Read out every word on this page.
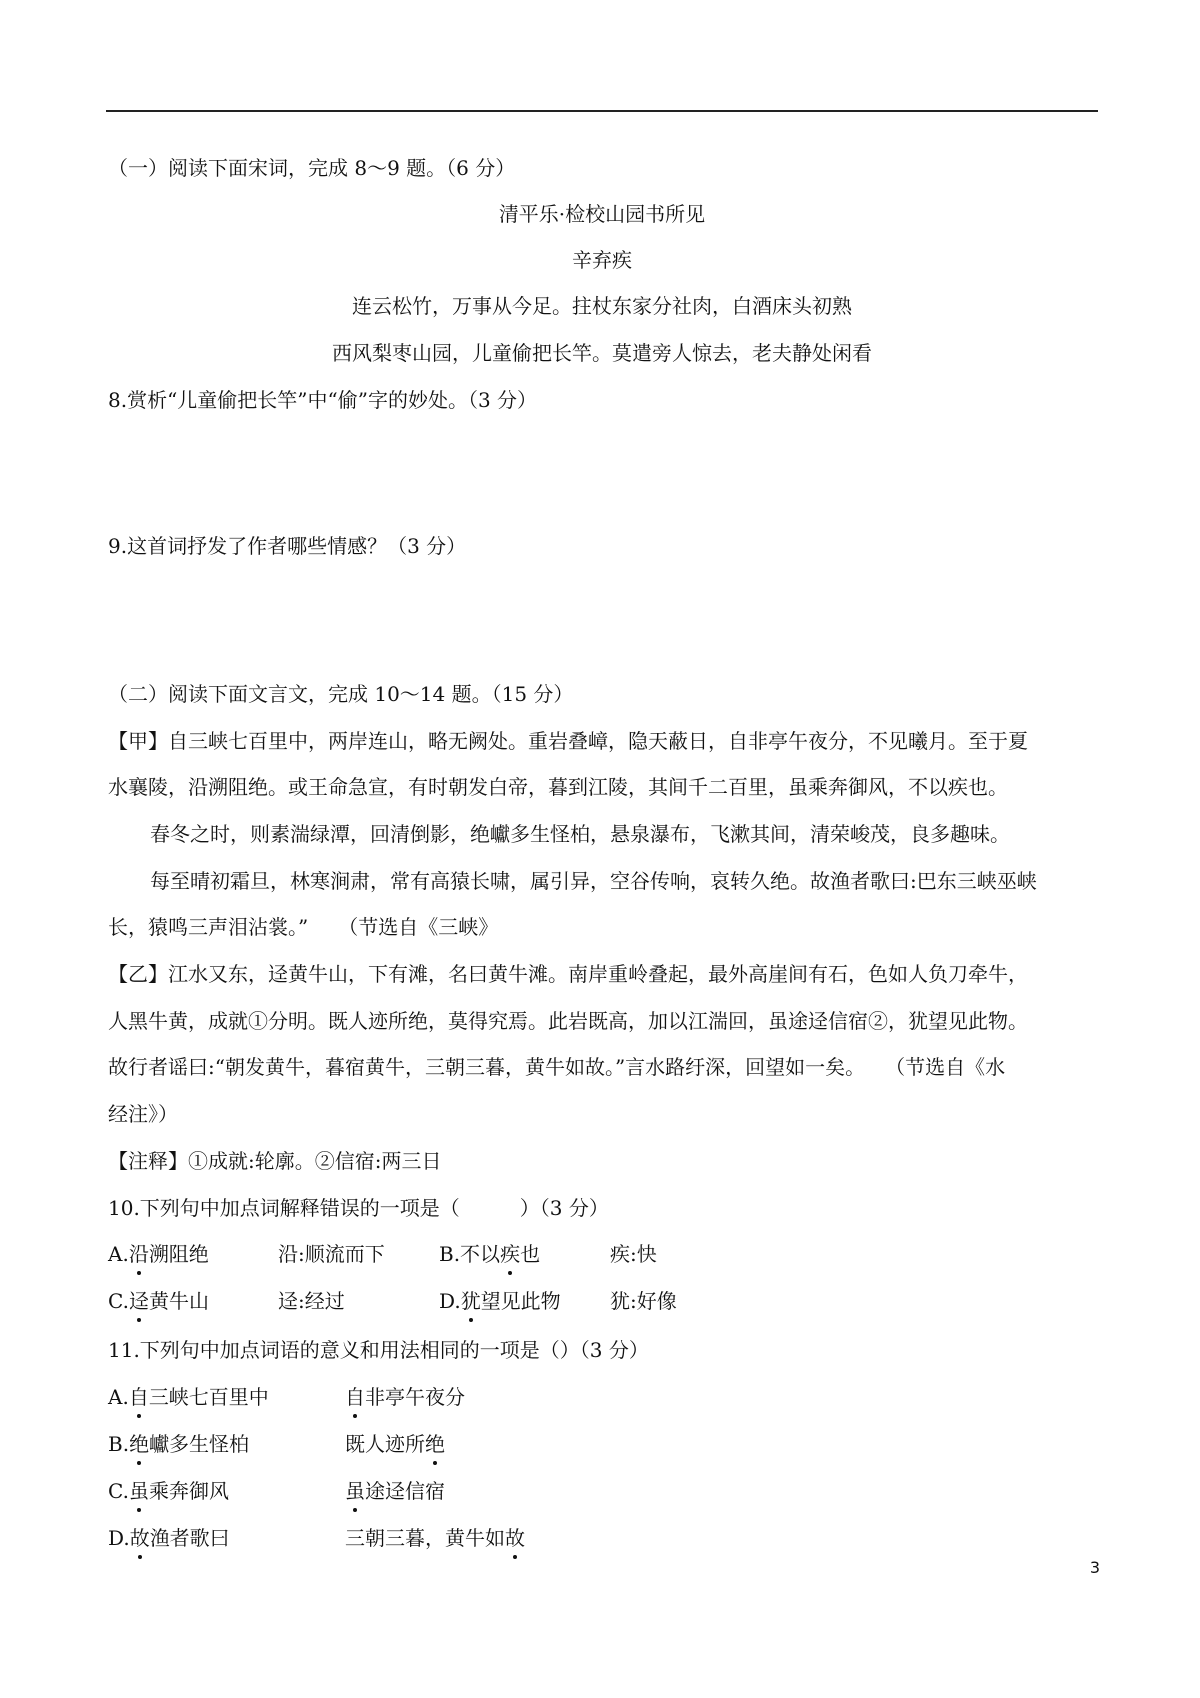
（一）阅读下面宋词，完成 8～9 题。（6 分）
清平乐·检校山园书所见
辛弃疾
连云松竹，万事从今足。拄杖东家分社肉，白酒床头初熟
西风梨枣山园，儿童偷把长竿。莫遣旁人惊去，老夫静处闲看
8.赏析“儿童偷把长竿”中“偷”字的妙处。（3 分）
9.这首词抒发了作者哪些情感？（3 分）
（二）阅读下面文言文，完成 10～14 题。（15 分）
【甲】自三峡七百里中，两岸连山，略无阙处。重岩叠嶂，隐天蔽日，自非亭午夜分，不见曦月。至于夏
水襄陵，沿溯阻绝。或王命急宣，有时朝发白帝，暮到江陵，其间千二百里，虽乘奔御风，不以疾也。
春冬之时，则素湍绿潭，回清倒影，绝巘多生怪柏，悬泉瀑布，飞漱其间，清荣峻茂，良多趣味。
每至晴初霜旦，林寒涧肃，常有高猿长啸，属引异，空谷传响，哀转久绝。故渔者歌曰:巴东三峡巫峡
长，猿鸣三声泪沾裳。”　　（节选自《三峡》
【乙】江水又东，迳黄牛山，下有滩，名曰黄牛滩。南岸重岭叠起，最外高崖间有石，色如人负刀牵牛，
人黑牛黄，成就①分明。既人迹所绝，莫得究焉。此岩既高，加以江湍回，虽途迳信宿②，犹望见此物。
故行者谣曰:“朝发黄牛，暮宿黄牛，三朝三暮，黄牛如故。”言水路纡深，回望如一矣。　　（节选自《水
经注》）
【注释】①成就:轮廓。②信宿:两三日
10.下列句中加点词解释错误的一项是（　　　）（3 分）
A.沿溯阻绝	沿:顺流而下	B.不以疾也	疾:快
C.迳黄牛山	迳:经过	D.犹望见此物 犹:好像
11.下列句中加点词语的意义和用法相同的一项是（）（3 分）
A.自三峡七百里中	自非亭午夜分
B.绝巘多生怪柏	既人迹所绝
C.虽乘奔御风	虽途迳信宿
D.故渔者歌曰	三朝三暮，黄牛如故
3
